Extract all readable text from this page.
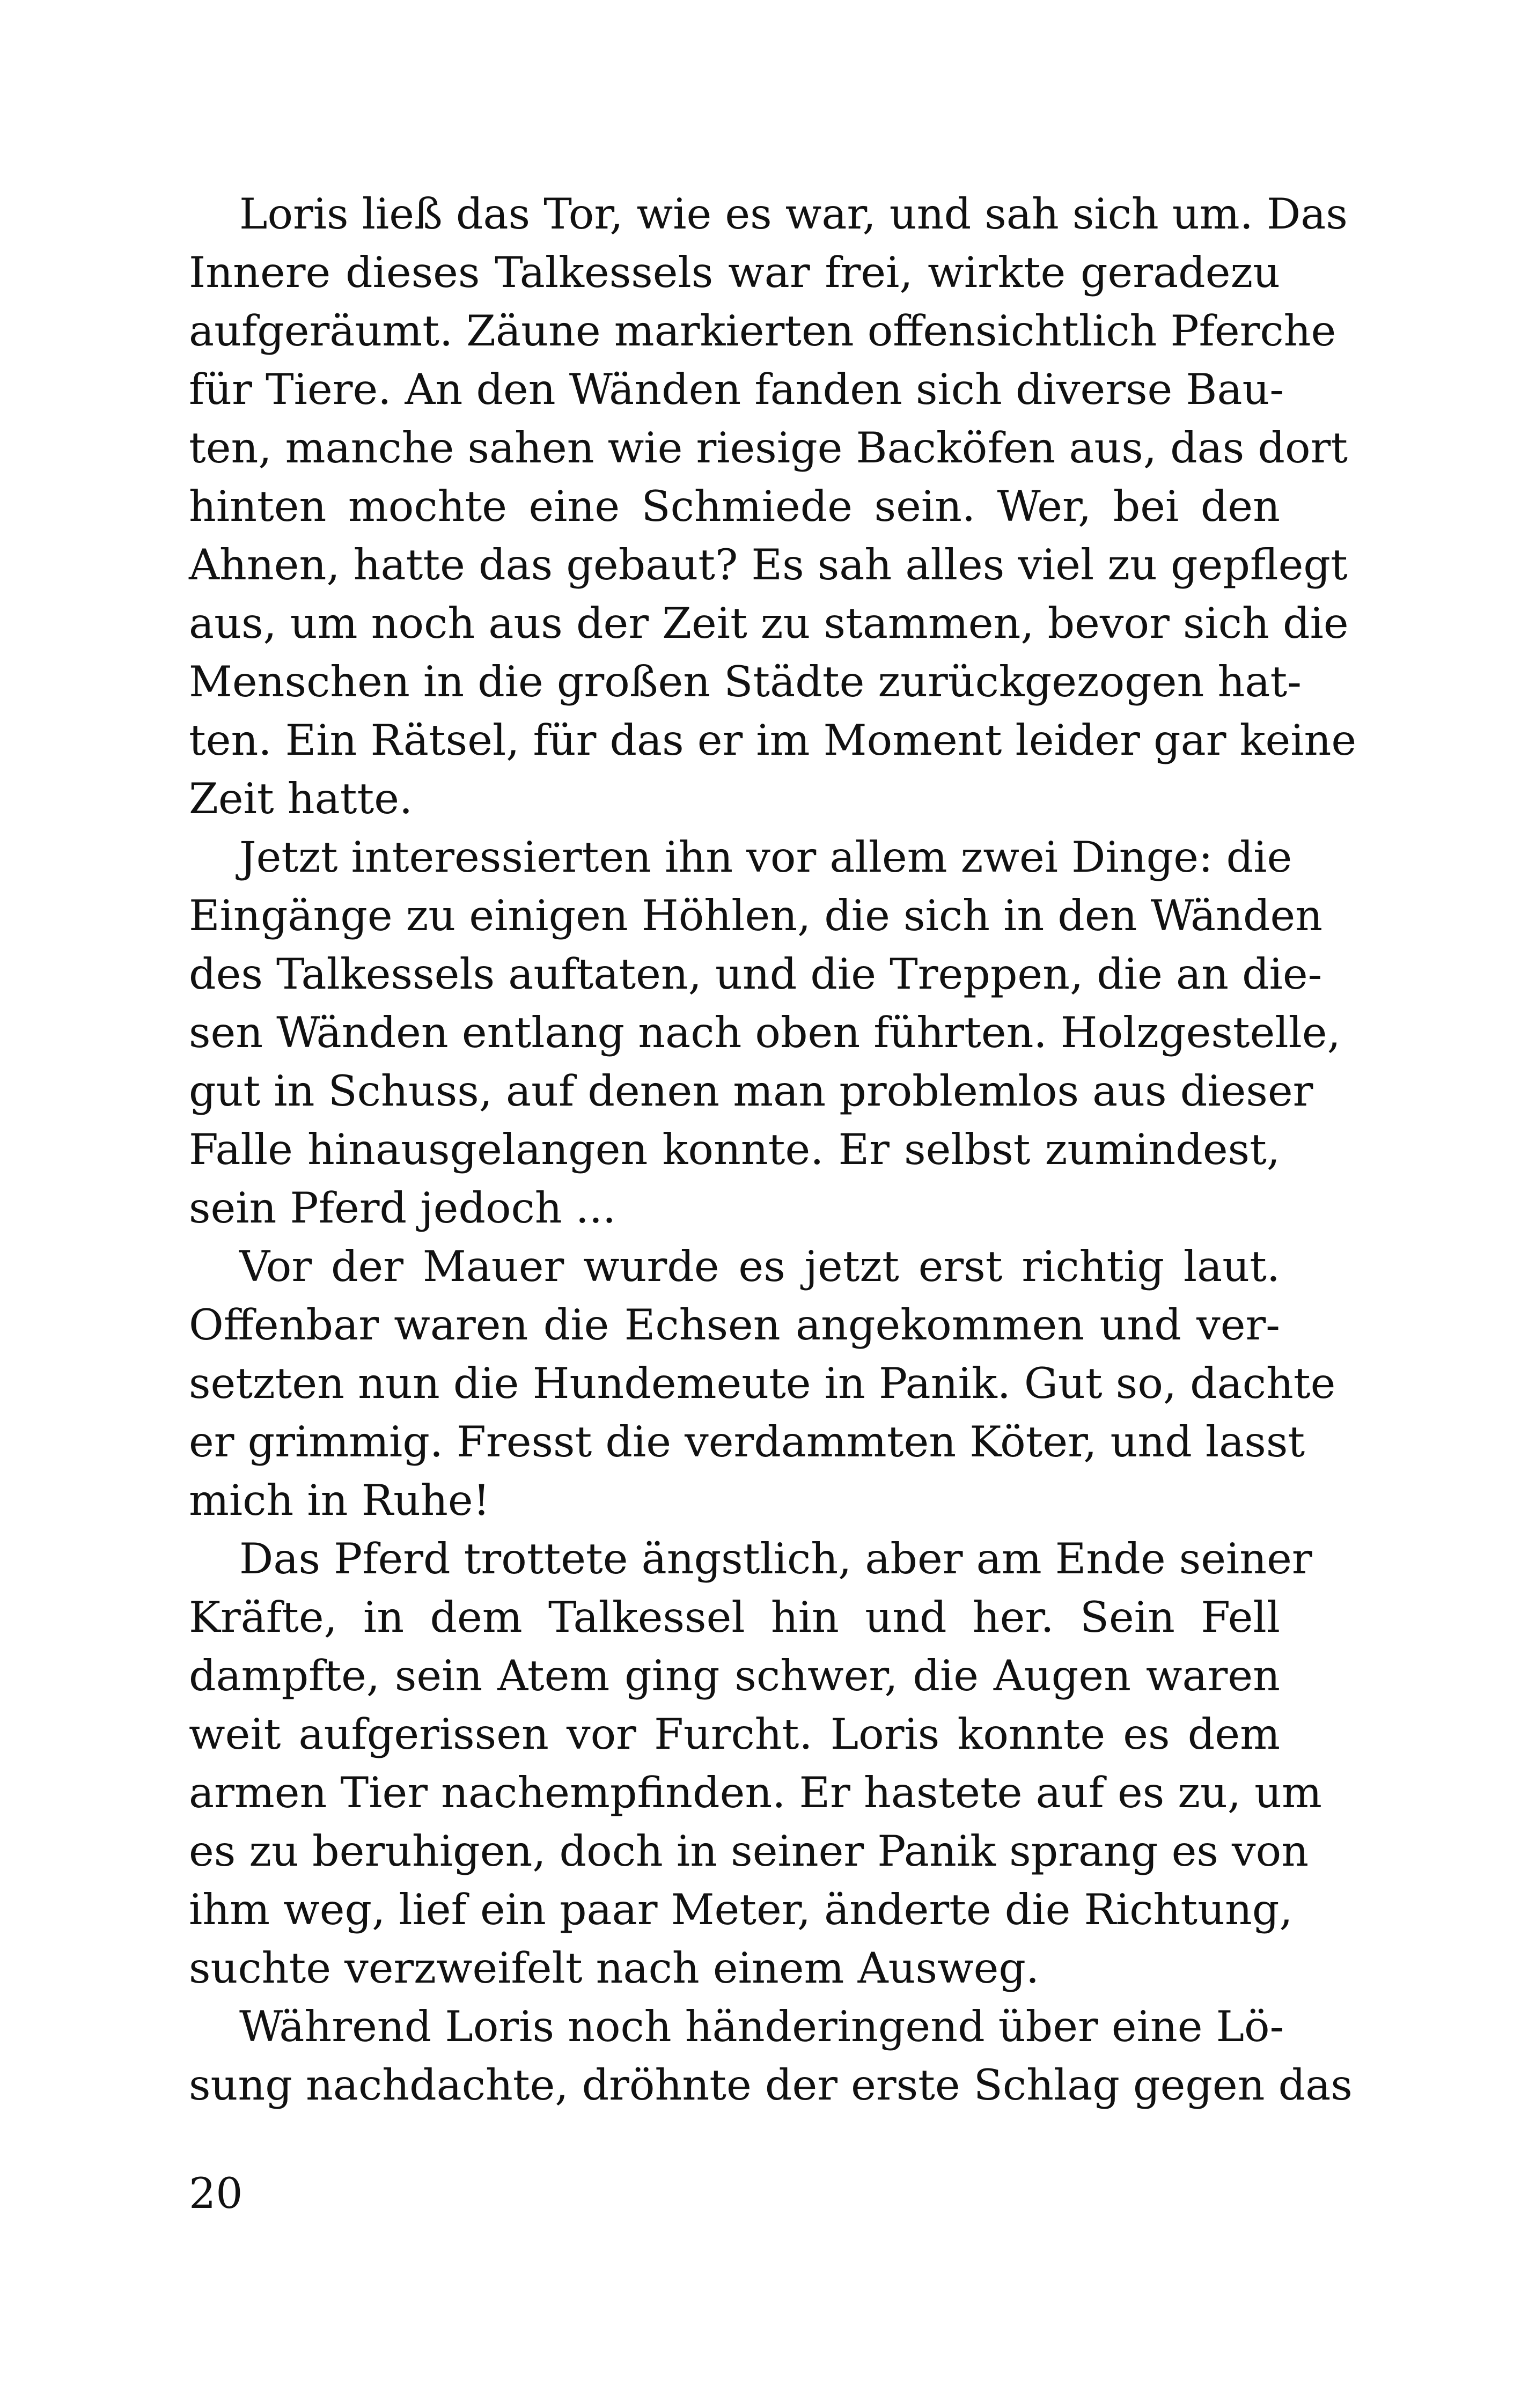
Loris ließ das Tor, wie es war, und sah sich um. Das
Innere dieses Talkessels war frei, wirkte geradezu
aufgeräumt. Zäune markierten offensichtlich Pferche
für Tiere. An den Wänden fanden sich diverse Bau-
ten, manche sahen wie riesige Backöfen aus, das dort
hinten mochte eine Schmiede sein. Wer, bei den
Ahnen, hatte das gebaut? Es sah alles viel zu gepflegt
aus, um noch aus der Zeit zu stammen, bevor sich die
Menschen in die großen Städte zurückgezogen hat-
ten. Ein Rätsel, für das er im Moment leider gar keine
Zeit hatte.

Jetzt interessierten ihn vor allem zwei Dinge: die
Eingänge zu einigen Höhlen, die sich in den Wänden
des Talkessels auftaten, und die Treppen, die an die-
sen Wänden entlang nach oben führten. Holzgestelle,
gut in Schuss, auf denen man problemlos aus dieser
Falle hinausgelangen konnte. Er selbst zumindest,
sein Pferd jedoch ...

Vor der Mauer wurde es jetzt erst richtig laut.
Offenbar waren die Echsen angekommen und ver-
setzten nun die Hundemeute in Panik. Gut so, dachte
er grimmig. Fresst die verdammten Köter, und lasst
mich in Ruhe!

Das Pferd trottete ängstlich, aber am Ende seiner
Kräfte, in dem Talkessel hin und her. Sein Fell
dampfte, sein Atem ging schwer, die Augen waren
weit aufgerissen vor Furcht. Loris konnte es dem
armen Tier nachempfinden. Er hastete auf es zu, um
es zu beruhigen, doch in seiner Panik sprang es von
ihm weg, lief ein paar Meter, änderte die Richtung,
suchte verzweifelt nach einem Ausweg.

Während Loris noch händeringend über eine Lö-
sung nachdachte, dröhnte der erste Schlag gegen das

20
